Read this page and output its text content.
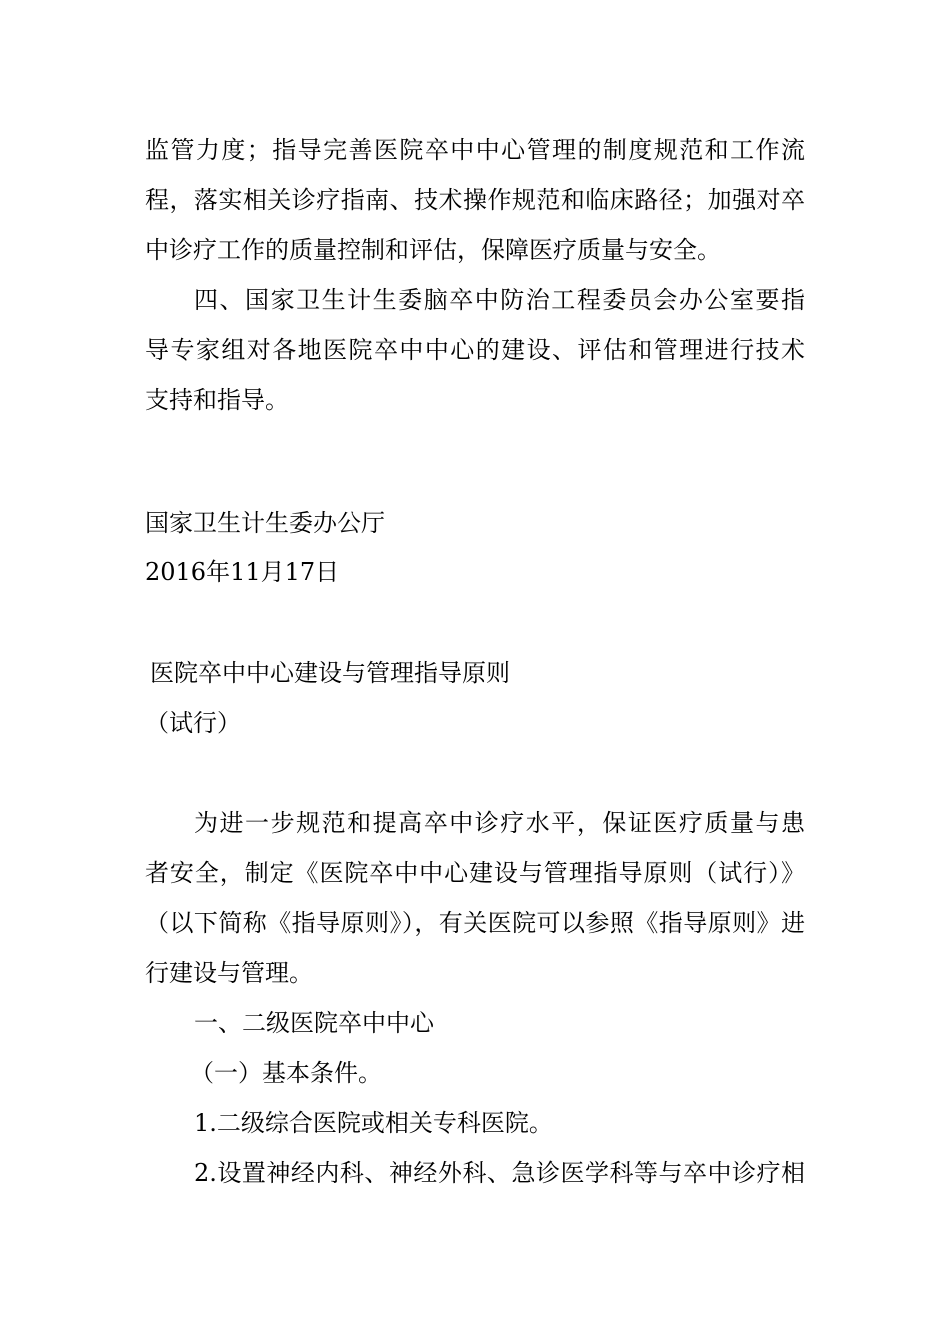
监管力度；指导完善医院卒中中心管理的制度规范和工作流
程，落实相关诊疗指南、技术操作规范和临床路径；加强对卒
中诊疗工作的质量控制和评估，保障医疗质量与安全。
四、国家卫生计生委脑卒中防治工程委员会办公室要指
导专家组对各地医院卒中中心的建设、评估和管理进行技术
支持和指导。
国家卫生计生委办公厅
2016年11月17日
医院卒中中心建设与管理指导原则
（试行）
为进一步规范和提高卒中诊疗水平，保证医疗质量与患
者安全，制定《医院卒中中心建设与管理指导原则（试行）》
（以下简称《指导原则》），有关医院可以参照《指导原则》进
行建设与管理。
一、二级医院卒中中心
（一）基本条件。
1.二级综合医院或相关专科医院。
2.设置神经内科、神经外科、急诊医学科等与卒中诊疗相
